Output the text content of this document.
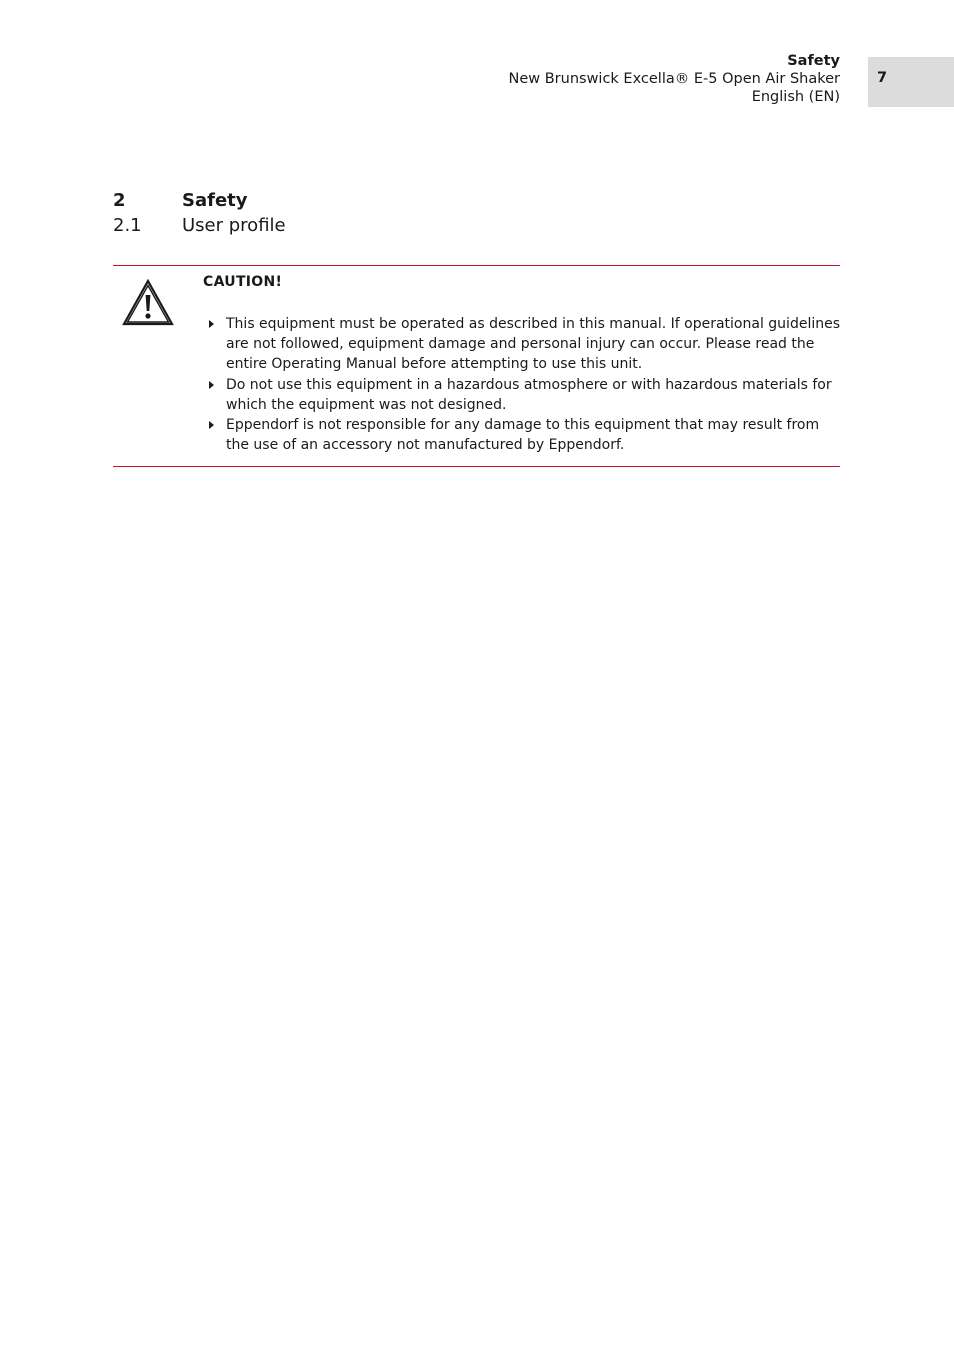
Safety
New Brunswick Excella® E-5 Open Air Shaker
English (EN)
7
2	Safety
2.1 User profile
CAUTION!
This equipment must be operated as described in this manual. If operational guidelines are not followed, equipment damage and personal injury can occur. Please read the entire Operating Manual before attempting to use this unit.
Do not use this equipment in a hazardous atmosphere or with hazardous materials for which the equipment was not designed.
Eppendorf is not responsible for any damage to this equipment that may result from the use of an accessory not manufactured by Eppendorf.
